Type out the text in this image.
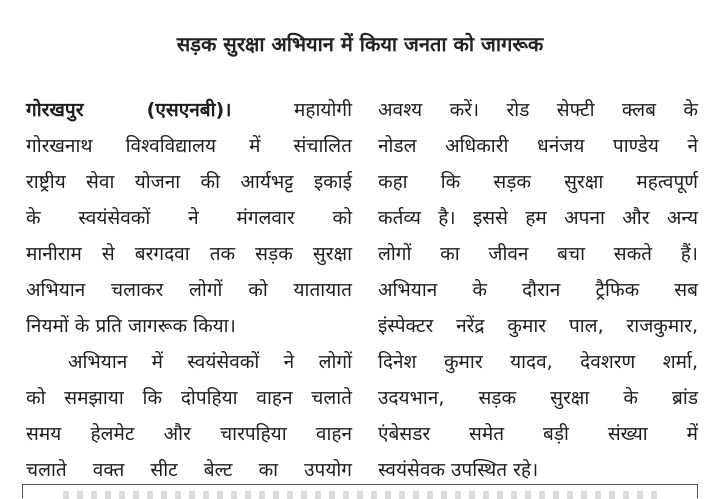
सड़क सुरक्षा अभियान में किया जनता को जागरूक
गोरखपुर (एसएनबी)। महायोगी
गोरखनाथ विश्वविद्यालय में संचालित
राष्ट्रीय सेवा योजना की आर्यभट्ट इकाई
के स्वयंसेवकों ने मंगलवार को
मानीराम से बरगदवा तक सड़क सुरक्षा
अभियान चलाकर लोगों को यातायात
नियमों के प्रति जागरूक किया।
अभियान में स्वयंसेवकों ने लोगों
को समझाया कि दोपहिया वाहन चलाते
समय हेलमेट और चारपहिया वाहन
चलाते वक्त सीट बेल्ट का उपयोग
अवश्य करें। रोड सेफ्टी क्लब के
नोडल अधिकारी धनंजय पाण्डेय ने
कहा कि सड़क सुरक्षा महत्वपूर्ण
कर्तव्य है। इससे हम अपना और अन्य
लोगों का जीवन बचा सकते हैं।
अभियान के दौरान ट्रैफिक सब
इंस्पेक्टर नरेंद्र कुमार पाल, राजकुमार,
दिनेश कुमार यादव, देवशरण शर्मा,
उदयभान, सड़क सुरक्षा के ब्रांड
एंबेसडर समेत बड़ी संख्या में
स्वयंसेवक उपस्थित रहे।
